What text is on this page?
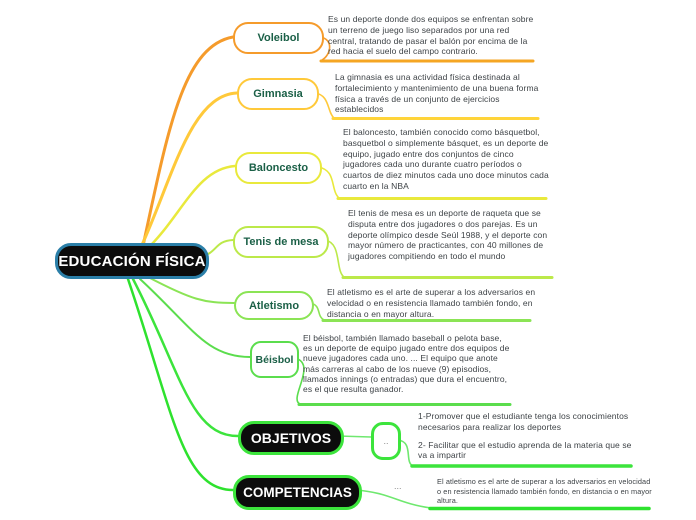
EDUCACIÓN FÍSICA
Voleibol
Gimnasia
Baloncesto
Tenis de mesa
Atletismo
Béisbol
Es un deporte donde dos equipos se enfrentan sobre un terreno de juego liso separados por una red central, tratando de pasar el balón por encima de la red hacia el suelo del campo contrario.
La gimnasia es una actividad física destinada al fortalecimiento y mantenimiento de una buena forma física a través de un conjunto de ejercicios establecidos
El baloncesto, también conocido como básquetbol, basquetbol o simplemente básquet, es un deporte de equipo, jugado entre dos conjuntos de cinco jugadores cada uno durante cuatro períodos o cuartos de diez minutos cada uno doce minutos cada cuarto en la NBA
El tenis de mesa es un deporte de raqueta que se disputa entre dos jugadores o dos parejas. Es un deporte olímpico desde Seúl 1988, y el deporte con mayor número de practicantes, con 40 millones de jugadores compitiendo en todo el mundo
El atletismo es el arte de superar a los adversarios en velocidad o en resistencia llamado también fondo, en distancia o en mayor altura.
El béisbol, también llamado baseball o pelota base, es un deporte de equipo jugado entre dos equipos de nueve jugadores cada uno. ... El equipo que anote más carreras al cabo de los nueve (9) episodios, llamados innings (o entradas) que dura el encuentro, es el que resulta ganador.
OBJETIVOS	..
1-Promover que el estudiante tenga los conocimientos necesarios para realizar los deportes
2- Facilitar que el estudio aprenda de la materia que se va a impartir
COMPETENCIAS	...	El atletismo es el arte de superar a los adversarios en velocidad o en resistencia llamado también fondo, en distancia o en mayor altura.
